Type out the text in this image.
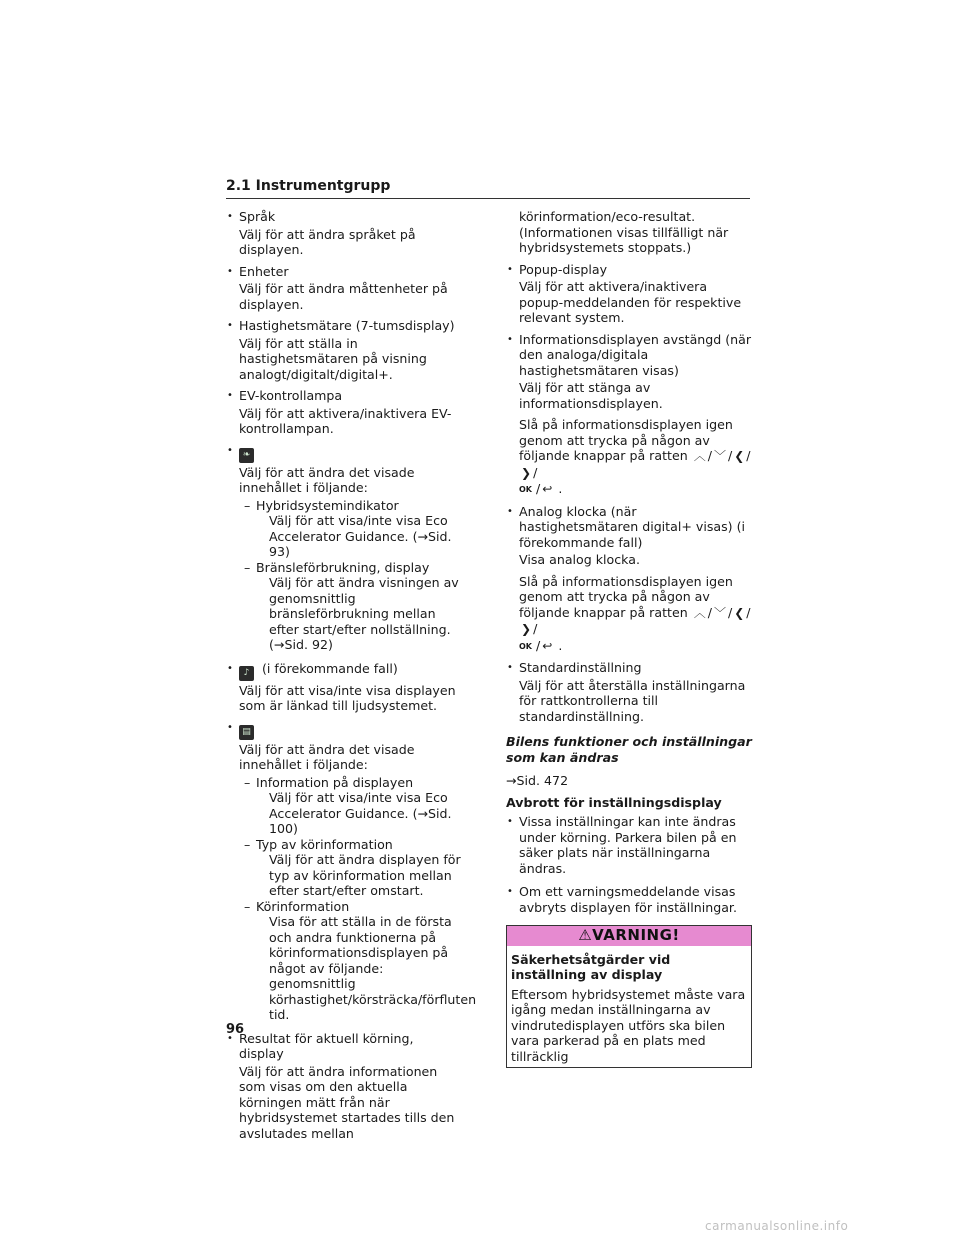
2.1 Instrumentgrupp
• Språk
Välj för att ändra språket på displayen.
• Enheter
Välj för att ändra måttenheter på displayen.
• Hastighetsmätare (7-tumsdisplay)
Välj för att ställa in hastighetsmätaren på visning analogt/digitalt/digital+.
• EV-kontrollampa
Välj för att aktivera/inaktivera EV-kontrollampan.
• ❧
Välj för att ändra det visade innehållet i följande:
– Hybridsystemindikator
Välj för att visa/inte visa Eco Accelerator Guidance. (→Sid. 93)
– Bränsleförbrukning, display
Välj för att ändra visningen av genomsnittlig bränsleförbrukning mellan efter start/efter nollställning. (→Sid. 92)
• ♪ (i förekommande fall)
Välj för att visa/inte visa displayen som är länkad till ljudsystemet.
• ▤
Välj för att ändra det visade innehållet i följande:
– Information på displayen
Välj för att visa/inte visa Eco Accelerator Guidance. (→Sid. 100)
– Typ av körinformation
Välj för att ändra displayen för typ av körinformation mellan efter start/efter omstart.
– Körinformation
Visa för att ställa in de första och andra funktionerna på körinformationsdisplayen på något av följande: genomsnittlig körhastighet/körsträcka/förfluten tid.
• Resultat för aktuell körning, display
Välj för att ändra informationen som visas om den aktuella körningen mätt från när hybridsystemet startades tills den avslutades mellan
körinformation/eco-resultat. (Informationen visas tillfälligt när hybridsystemets stoppats.)
• Popup-display
Välj för att aktivera/inaktivera popup-meddelanden för respektive relevant system.
• Informationsdisplayen avstängd (när den analoga/digitala hastighetsmätaren visas)
Välj för att stänga av informationsdisplayen.
Slå på informationsdisplayen igen genom att trycka på någon av följande knappar på ratten ︿ / ﹀ / ❮ /❯ /
OK / ↩ .
• Analog klocka (när hastighetsmätaren digital+ visas) (i förekommande fall)
Visa analog klocka.
Slå på informationsdisplayen igen genom att trycka på någon av följande knappar på ratten ︿ / ﹀ / ❮ /❯ /
OK / ↩ .
• Standardinställning
Välj för att återställa inställningarna för rattkontrollerna till standardinställning.
Bilens funktioner och inställningar som kan ändras
→Sid. 472
Avbrott för inställningsdisplay
• Vissa inställningar kan inte ändras under körning. Parkera bilen på en säker plats när inställningarna ändras.
• Om ett varningsmeddelande visas avbryts displayen för inställningar.
⚠VARNING!
Säkerhetsåtgärder vid inställning av display
Eftersom hybridsystemet måste vara igång medan inställningarna av vindrutedisplayen utförs ska bilen vara parkerad på en plats med tillräcklig
96
carmanualsonline.info
